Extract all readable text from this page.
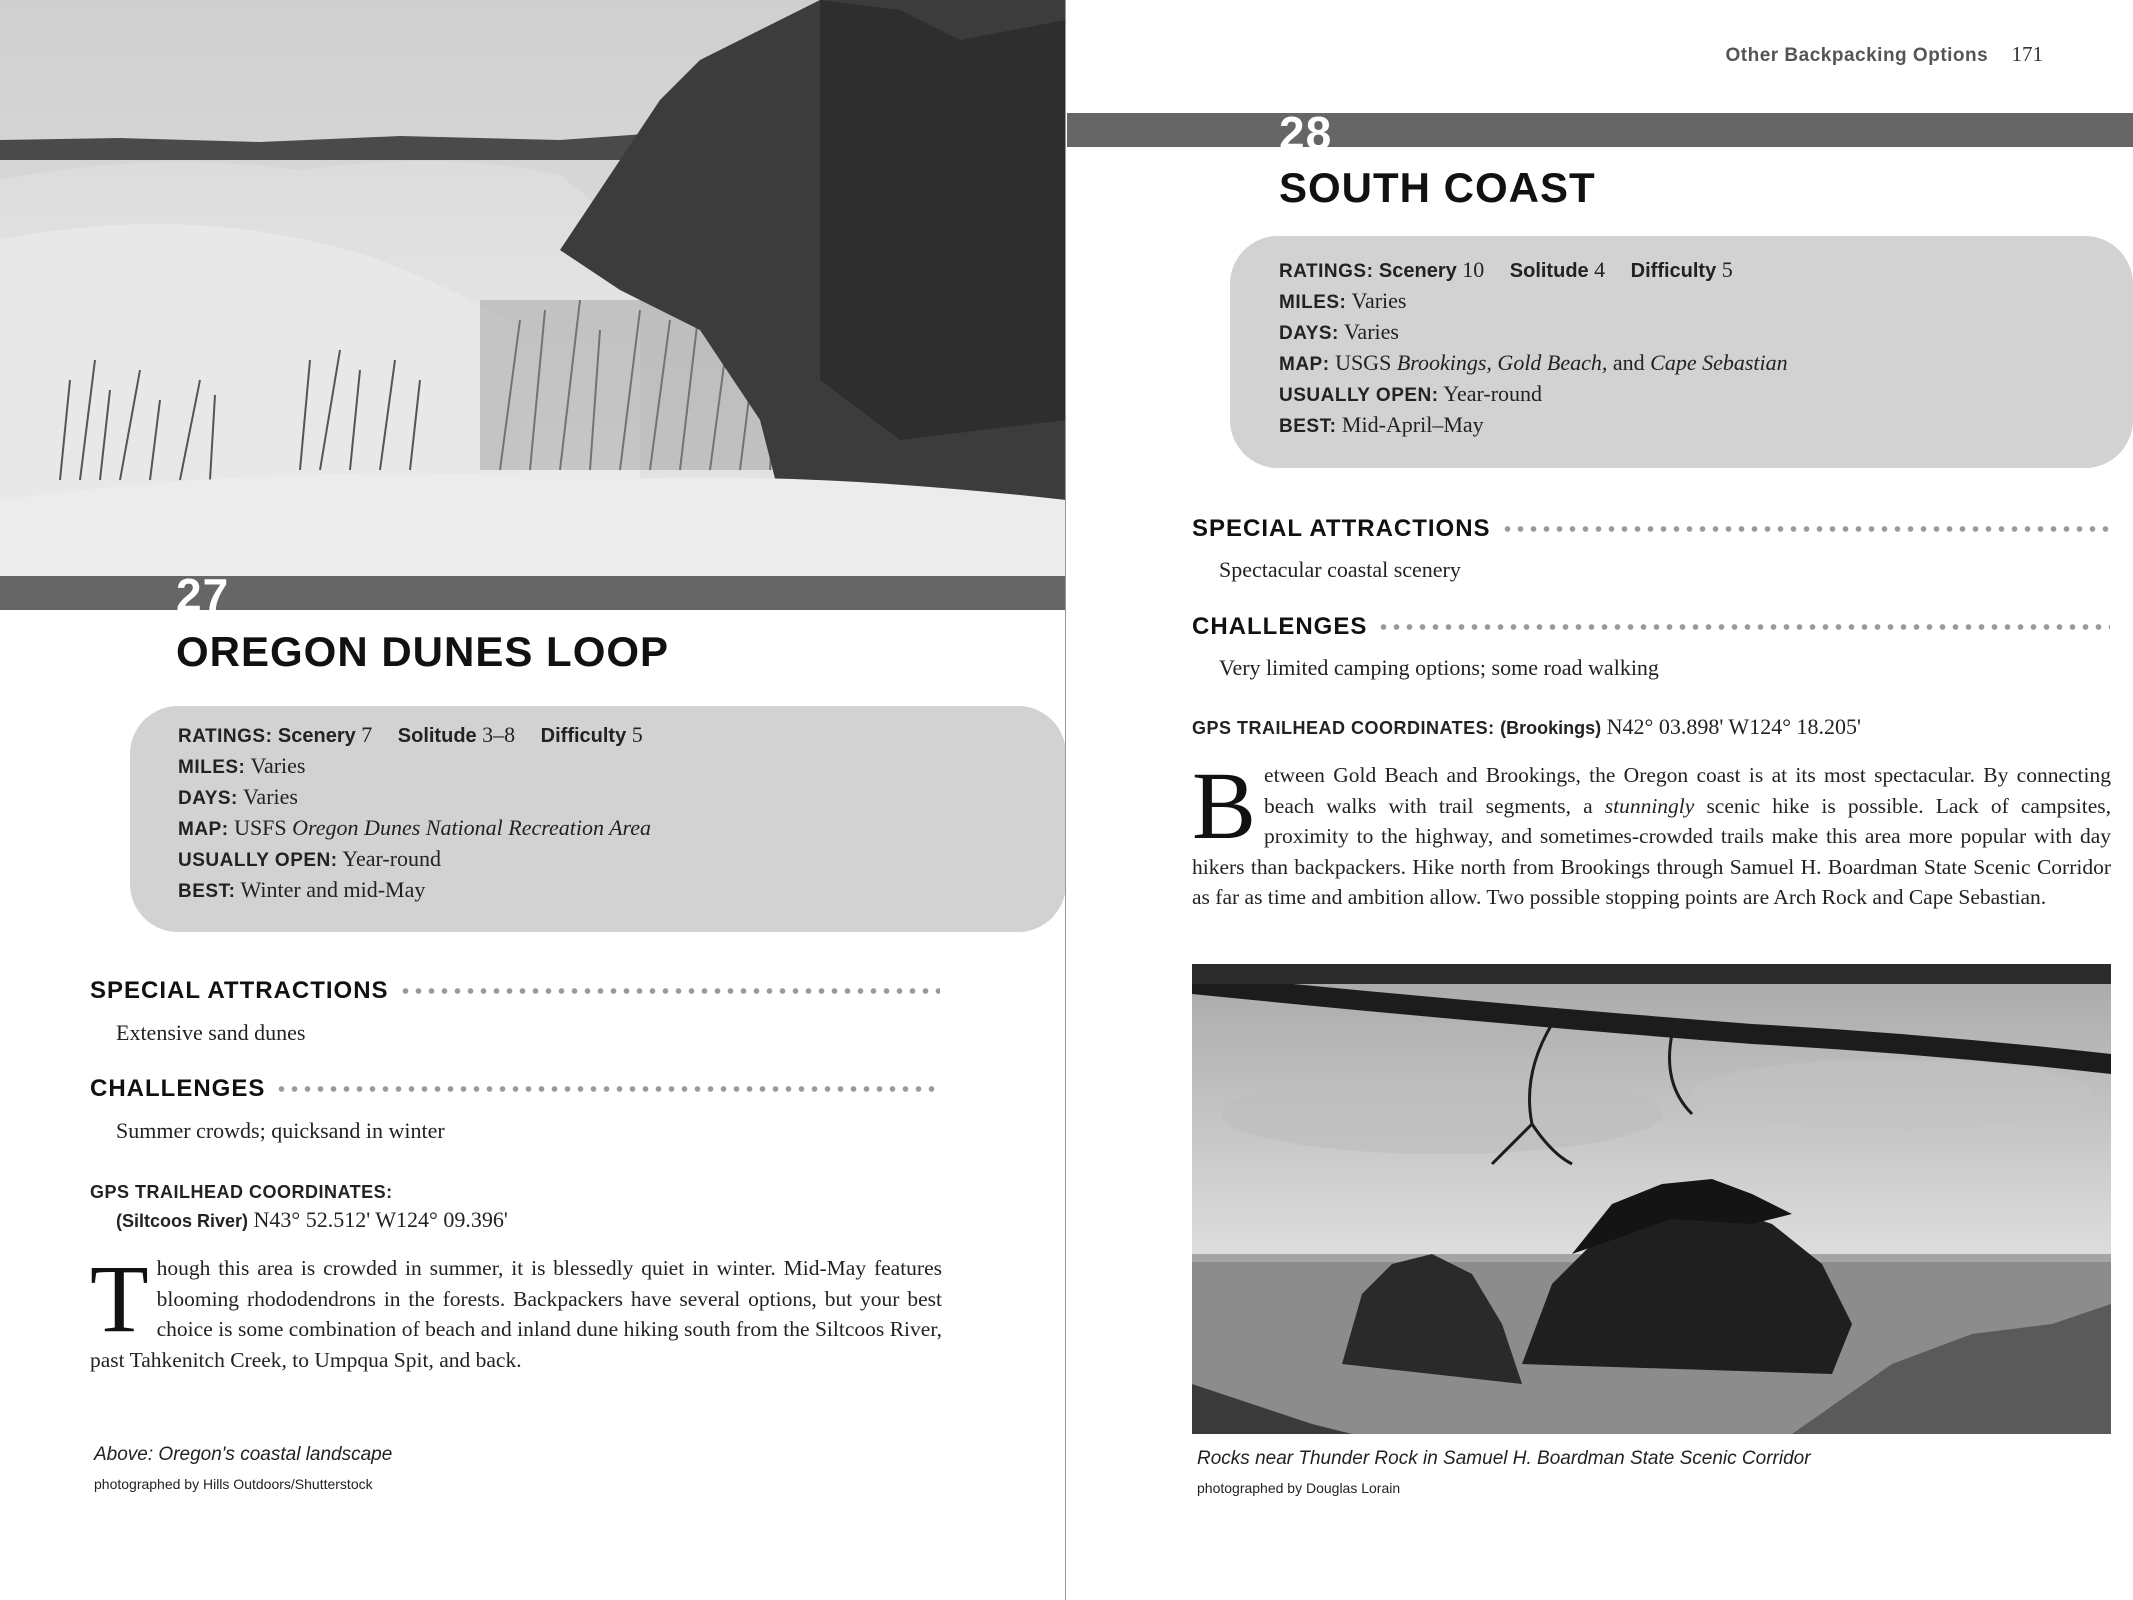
27
OREGON DUNES LOOP
RATINGS: Scenery 7 Solitude 3–8 Difficulty 5
MILES: Varies
DAYS: Varies
MAP: USFS Oregon Dunes National Recreation Area
USUALLY OPEN: Year-round
BEST: Winter and mid-May
SPECIAL ATTRACTIONS
Extensive sand dunes
CHALLENGES
Summer crowds; quicksand in winter
GPS TRAILHEAD COORDINATES:
(Siltcoos River) N43° 52.512' W124° 09.396'
Though this area is crowded in summer, it is blessedly quiet in winter. Mid-May features blooming rhododendrons in the forests. Backpackers have several options, but your best choice is some combination of beach and inland dune hiking south from the Siltcoos River, past Tahkenitch Creek, to Umpqua Spit, and back.
Above: Oregon's coastal landscape
photographed by Hills Outdoors/Shutterstock
Other Backpacking Options 171
28
SOUTH COAST
RATINGS: Scenery 10 Solitude 4 Difficulty 5
MILES: Varies
DAYS: Varies
MAP: USGS Brookings, Gold Beach, and Cape Sebastian
USUALLY OPEN: Year-round
BEST: Mid-April–May
SPECIAL ATTRACTIONS
Spectacular coastal scenery
CHALLENGES
Very limited camping options; some road walking
GPS TRAILHEAD COORDINATES: (Brookings) N42° 03.898' W124° 18.205'
Between Gold Beach and Brookings, the Oregon coast is at its most spectacular. By connecting beach walks with trail segments, a stunningly scenic hike is possible. Lack of campsites, proximity to the highway, and sometimes-crowded trails make this area more popular with day hikers than backpackers. Hike north from Brookings through Samuel H. Boardman State Scenic Corridor as far as time and ambition allow. Two possible stopping points are Arch Rock and Cape Sebastian.
Rocks near Thunder Rock in Samuel H. Boardman State Scenic Corridor
photographed by Douglas Lorain
